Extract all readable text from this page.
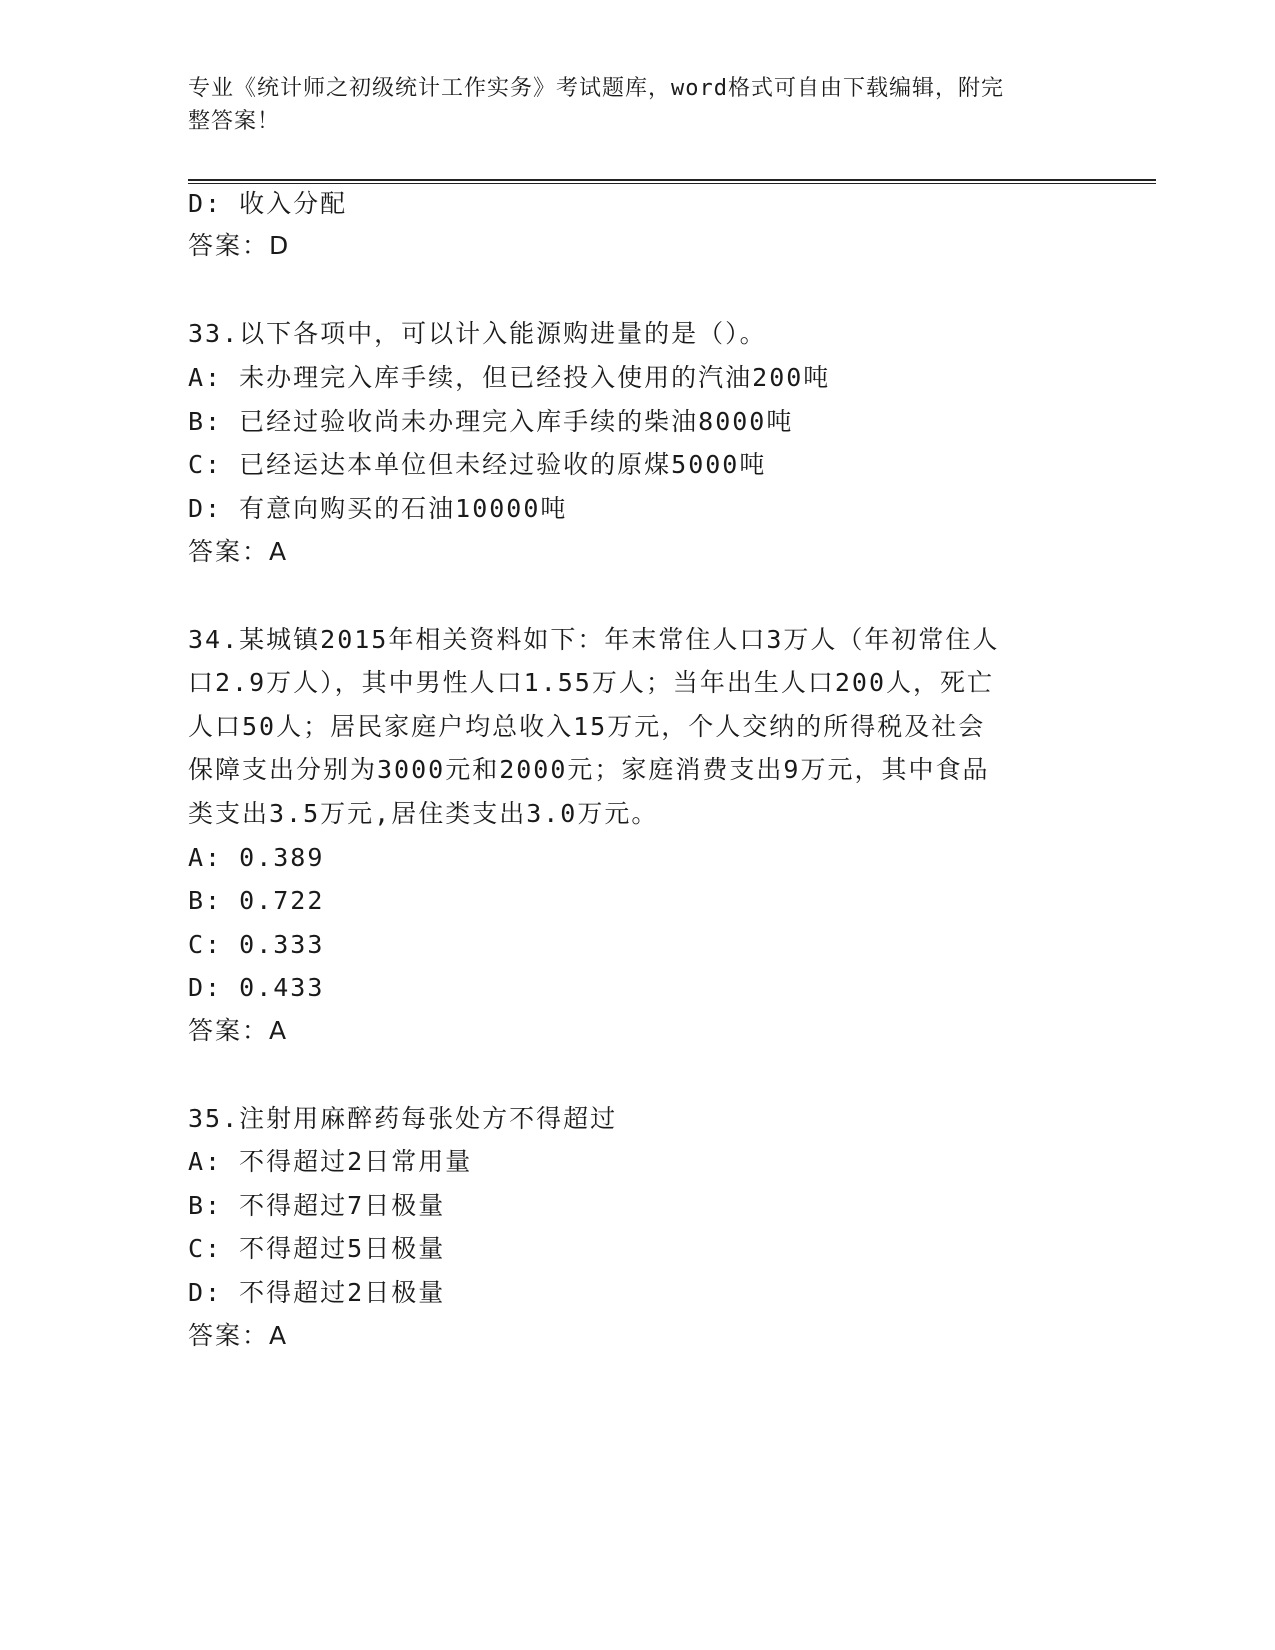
专业《统计师之初级统计工作实务》考试题库，word格式可自由下载编辑，附完
整答案！
D: 收入分配
答案：D
33.以下各项中，可以计入能源购进量的是（）。
A: 未办理完入库手续，但已经投入使用的汽油200吨
B: 已经过验收尚未办理完入库手续的柴油8000吨
C: 已经运达本单位但未经过验收的原煤5000吨
D: 有意向购买的石油10000吨
答案：A
34.某城镇2015年相关资料如下：年末常住人口3万人（年初常住人
口2.9万人），其中男性人口1.55万人；当年出生人口200人，死亡
人口50人；居民家庭户均总收入15万元，个人交纳的所得税及社会
保障支出分别为3000元和2000元；家庭消费支出9万元，其中食品
类支出3.5万元,居住类支出3.0万元。
A: 0.389
B: 0.722
C: 0.333
D: 0.433
答案：A
35.注射用麻醉药每张处方不得超过
A: 不得超过2日常用量
B: 不得超过7日极量
C: 不得超过5日极量
D: 不得超过2日极量
答案：A
